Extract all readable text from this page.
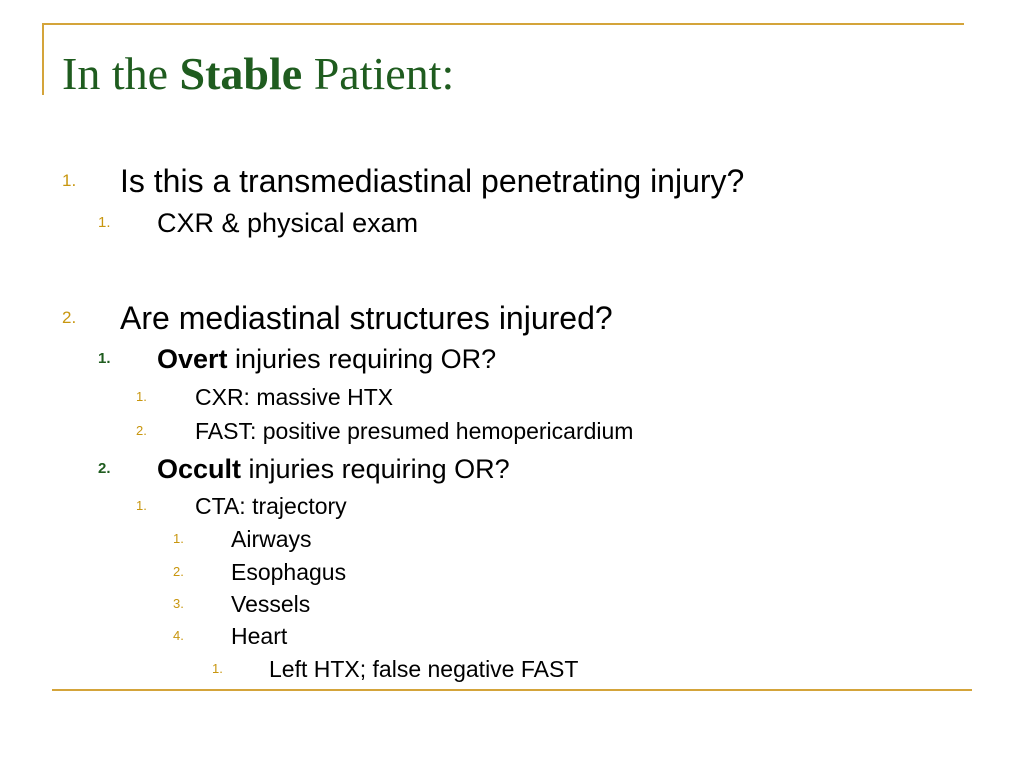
In the Stable Patient:
1. Is this a transmediastinal penetrating injury?
1. CXR & physical exam
2. Are mediastinal structures injured?
1. Overt injuries requiring OR?
1. CXR: massive HTX
2. FAST: positive presumed hemopericardium
2. Occult injuries requiring OR?
1. CTA: trajectory
1. Airways
2. Esophagus
3. Vessels
4. Heart
1. Left HTX; false negative FAST
